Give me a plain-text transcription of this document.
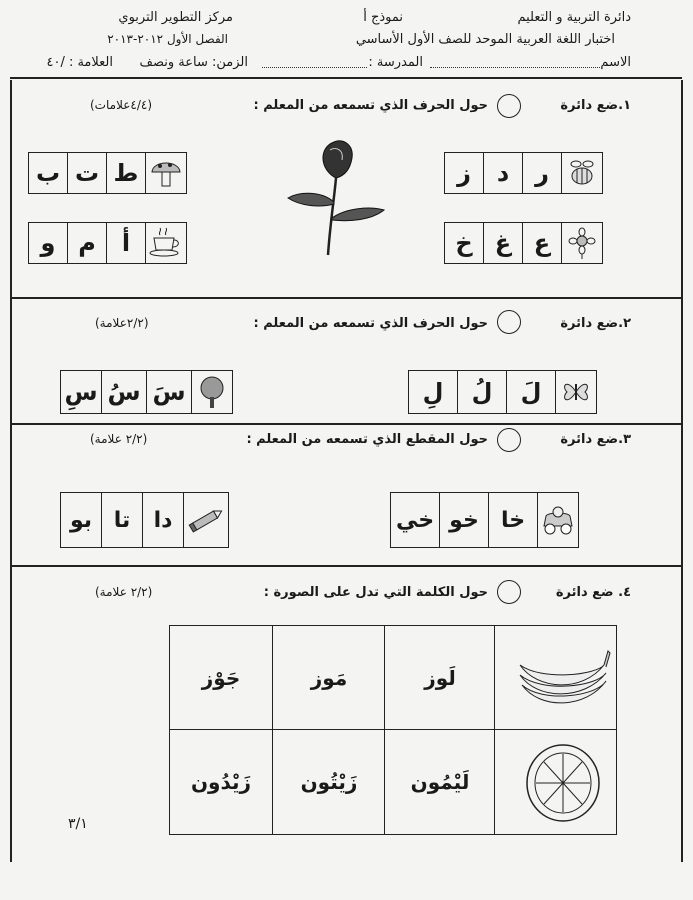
دائرة التربية و التعليم
نموذج أ
مركز التطوير التربوي
اختبار اللغة العربية الموحد للصف الأول الأساسي
الفصل الأول ٢٠١٢-٢٠١٣
الاسم
المدرسة :
الزمن: ساعة ونصف
العلامة : /٤٠
١.ضع دائرة
حول الحرف الذي تسمعه من المعلم :
(٤/٤علامات)
ز	د	ر
خ غ ع
ب ت ط
و م	أ
٢.ضع دائرة
حول الحرف الذي تسمعه من المعلم :
(٢/٢علامة)
لِ	لُ	لَ
سِ سُ سَ
٣.ضع دائرة
حول المقطع الذي تسمعه من المعلم :
(٢/٢ علامة)
خي خو	خا
بو تا	دا
٤. ضع دائرة
حول الكلمة التي تدل على الصورة :
(٢/٢ علامة)
جَوْز	مَوز	لَوز
زَيْدُون	زَيْتُون	لَيْمُون
٣/١
